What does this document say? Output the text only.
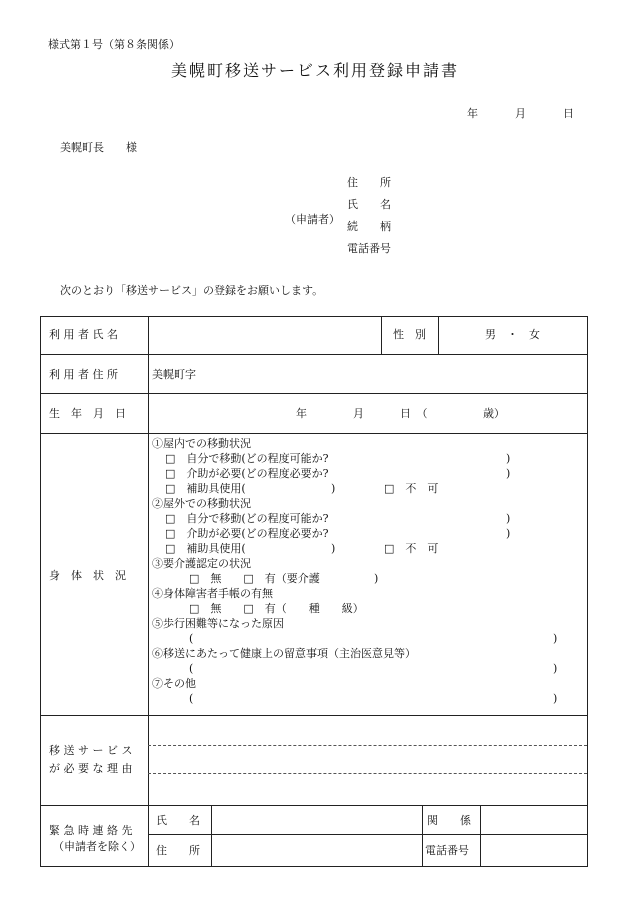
様式第１号（第８条関係）
美幌町移送サービス利用登録申請書
年	月	日
美幌町長　　様
（申請者）
住　　所
氏　　名
続　　柄
電話番号
次のとおり「移送サービス」の登録をお願いします。
利 用 者 氏 名	性　別	男　・　女
利 用 者 住 所	美幌町字
生　年　月　日	年	月	日　（	歳）
身　体　状　況
①屋内での移動状況
□　自分で移動(どの程度可能か?	)
□　介助が必要(どの程度必要か?	)
□　補助具使用(	)	□　不　可
②屋外での移動状況
□　自分で移動(どの程度可能か?	)
□　介助が必要(どの程度必要か?	)
□　補助具使用(	)	□　不　可
③要介護認定の状況
□　無　　□　有（要介護	)
④身体障害者手帳の有無
□　無　　□　有（　　種　　級）
⑤歩行困難等になった原因
(	)
⑥移送にあたって健康上の留意事項（主治医意見等）
(	)
⑦その他
(	)
移 送 サ ー ビ ス
が 必 要 な 理 由
緊 急 時 連 絡 先
（申請者を除く）
氏　　名	関　　係
住　　所	電話番号
